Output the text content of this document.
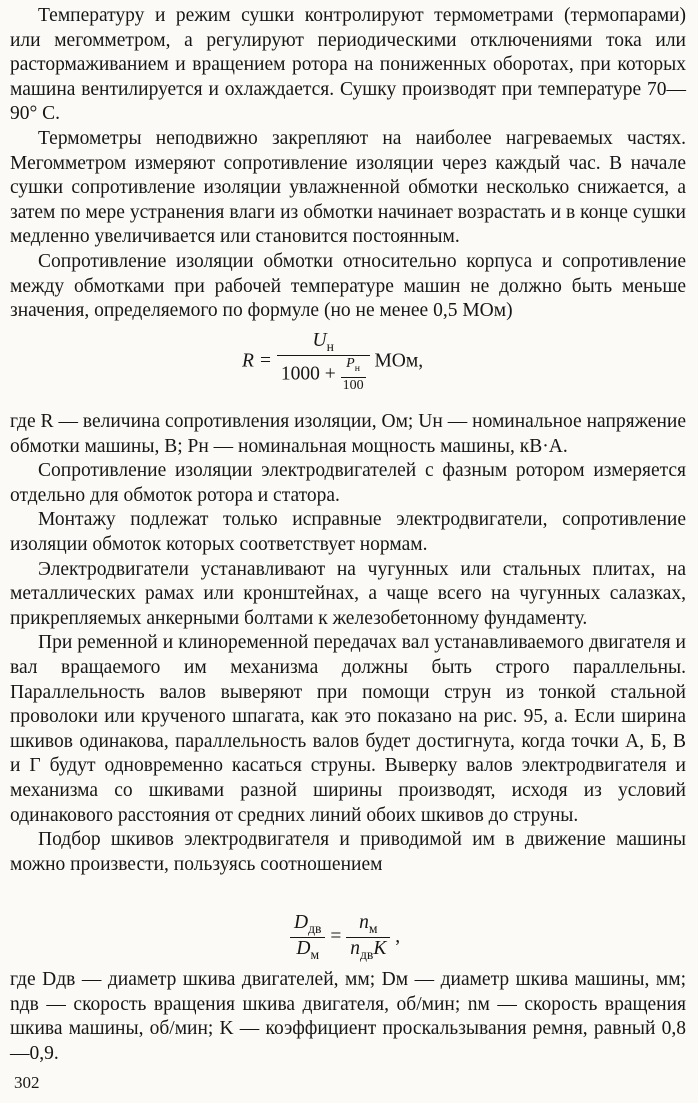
Температуру и режим сушки контролируют термометрами (термопарами) или мегомметром, а регулируют периодическими отключениями тока или растормаживанием и вращением ротора на пониженных оборотах, при которых машина вентилируется и охлаждается. Сушку производят при температуре 70—90° С.

Термометры неподвижно закрепляют на наиболее нагреваемых частях. Мегомметром измеряют сопротивление изоляции через каждый час. В начале сушки сопротивление изоляции увлажненной обмотки несколько снижается, а затем по мере устранения влаги из обмотки начинает возрастать и в конце сушки медленно увеличивается или становится постоянным.

Сопротивление изоляции обмотки относительно корпуса и сопротивление между обмотками при рабочей температуре машин не должно быть меньше значения, определяемого по формуле (но не менее 0,5 МОм)

$R = U_н$
$1000 + P_н$
100 МОм,

где R — величина сопротивления изоляции, Ом; Uн — номинальное напряжение обмотки машины, В; Pн — номинальная мощность машины, кВ·А.

Сопротивление изоляции электродвигателей с фазным ротором измеряется отдельно для обмоток ротора и статора.

Монтажу подлежат только исправные электродвигатели, сопротивление изоляции обмоток которых соответствует нормам.

Электродвигатели устанавливают на чугунных или стальных плитах, на металлических рамах или кронштейнах, а чаще всего на чугунных салазках, прикрепляемых анкерными болтами к железобетонному фундаменту.

При ременной и клиноременной передачах вал устанавливаемого двигателя и вал вращаемого им механизма должны быть строго параллельны. Параллельность валов выверяют при помощи струн из тонкой стальной проволоки или крученого шпагата, как это показано на рис. 95, а. Если ширина шкивов одинакова, параллельность валов будет достигнута, когда точки А, Б, В и Г будут одновременно касаться струны. Выверку валов электродвигателя и механизма со шкивами разной ширины производят, исходя из условий одинакового расстояния от средних линий обоих шкивов до струны.

Подбор шкивов электродвигателя и приводимой им в движение машины можно произвести, пользуясь соотношением

$\frac{D_{дв}}{D_м} = \frac{n_м}{n_{дв}K}$ ,

где Dдв — диаметр шкива двигателей, мм; Dм — диаметр шкива машины, мм; nдв — скорость вращения шкива двигателя, об/мин; nм — скорость вращения шкива машины, об/мин; K — коэффициент проскальзывания ремня, равный 0,8—0,9.

302
